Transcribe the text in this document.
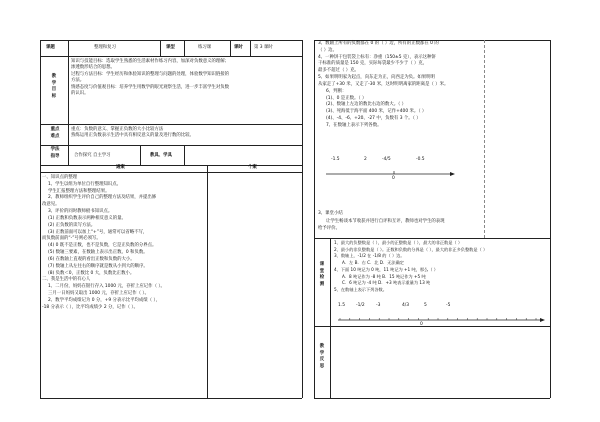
课题	整理和复习	课型	练习课	课时	第 3 课时
教学目标
知识与技能目标：选取学生熟悉的生活素材作练习内容，加深对负数意义的理解；
渗透数形结合的思想。
过程与方法目标：学生经历和体验知识的整理与问题的处理，体验数学知识链接的
方法。
情感态度与价值观目标：培养学生用数学的眼光观察生活，进一步丰富学生对负数
的认识。
重点难点
重点：负数的意义、掌握正负数的大小比较方法
熟练运用正负数表示生活中具有相反意义的量及进行数的比较。
学法指导	合作探究 自主学习	教具、学具
通案	个案
一、知识点的整理
1、学生以组为单位自行整理知识点。
学生汇报整理方法和整理结果。
2、教师组织学生评价自己的整理方法及结果，并提出修
改意见。
3、评价的同时教师板书知识点。
(1) 正数和负数表示两种相反意义的量。
(2) 正负数的读写方法。
(3) 正数前面可以加上“+”号，通常可以省略不写，
而负数前面的“-”号则必须写。
(4) 0 既不是正数，也不是负数，它是正负数的分界点。
(5) 数轴三要素，在数轴上表示出正数、0 和负数。
(6) 在数轴上直观的看出正数和负数的大小。
(7) 数轴上从左往右的顺序就是数从小到大的顺序。
(8) 负数＜0，正数比 0 大，负数比正数小。
二、我是生活中的有心人
1、二月份，妈妈在银行存入 1000 元，存折上应记作（ ）。
三月一日妈妈又取出 1000 元，存折上应记作（ ）。
2、数学平均成绩记为 0 分，+9 分表示比平均成绩（ ），
-18 分表示（ ），比平均成绩少 2 分，记作（ ）。
3、数轴上所有的负数都在 0 的（ ）边，所有的正数都在 0 的
（ ）边。
4、一种饼干包装袋上标有：净重（150±5 克），表示这种饼
干标准的质量是 150 克，实际每袋最少不少于（ ）克，
最多不超过（ ）克。
5、如果明明家为起点，向东走为正，向西走为负。如果明明
从家走了+30 米，又走了-30 米，这时明明离家的距离是（ ）米。
6、判断：
(1)、0 是正数。（ ）
(2)、数轴上左边的数比右边的数大。（ ）
(3)、死海低于海平面 400 米，记作+400 米。（ ）
(4)、-4、-6、+20、-27 中，负数有 3 个。（ ）
7、在数轴上表示下列各数。
-1.5	2	-4/5	-0.5
0
3、课堂小结
让学生畅谈本节收获并进行自评和互评，教师也对学生的表现
给予评价。
课堂检测
1、最大的负整数是（ ），最小的正整数是（ ），最大的非正数是（ ）
2、最小的非负整数是（ ）。正数和负数的分界是（ ），最大的非正多负整数是（ ）
3、数轴上，-1/2 在 -1/8 的（ ）边。
A．左 B．右 C．北 D．无法确定
4、下面 10 吨记为 0 吨，11 吨记为 +1 吨，那么（ ）
A．8 吨记作为 -8 吨 B．15 吨记作为 +5 吨
C．6 吨记为 -4 吨 D．+3 吨表示重量为 13 吨
5、在数轴上表示下列各数。
1.5	-1/2	-3	4/3	5	-5
0
教学反思
